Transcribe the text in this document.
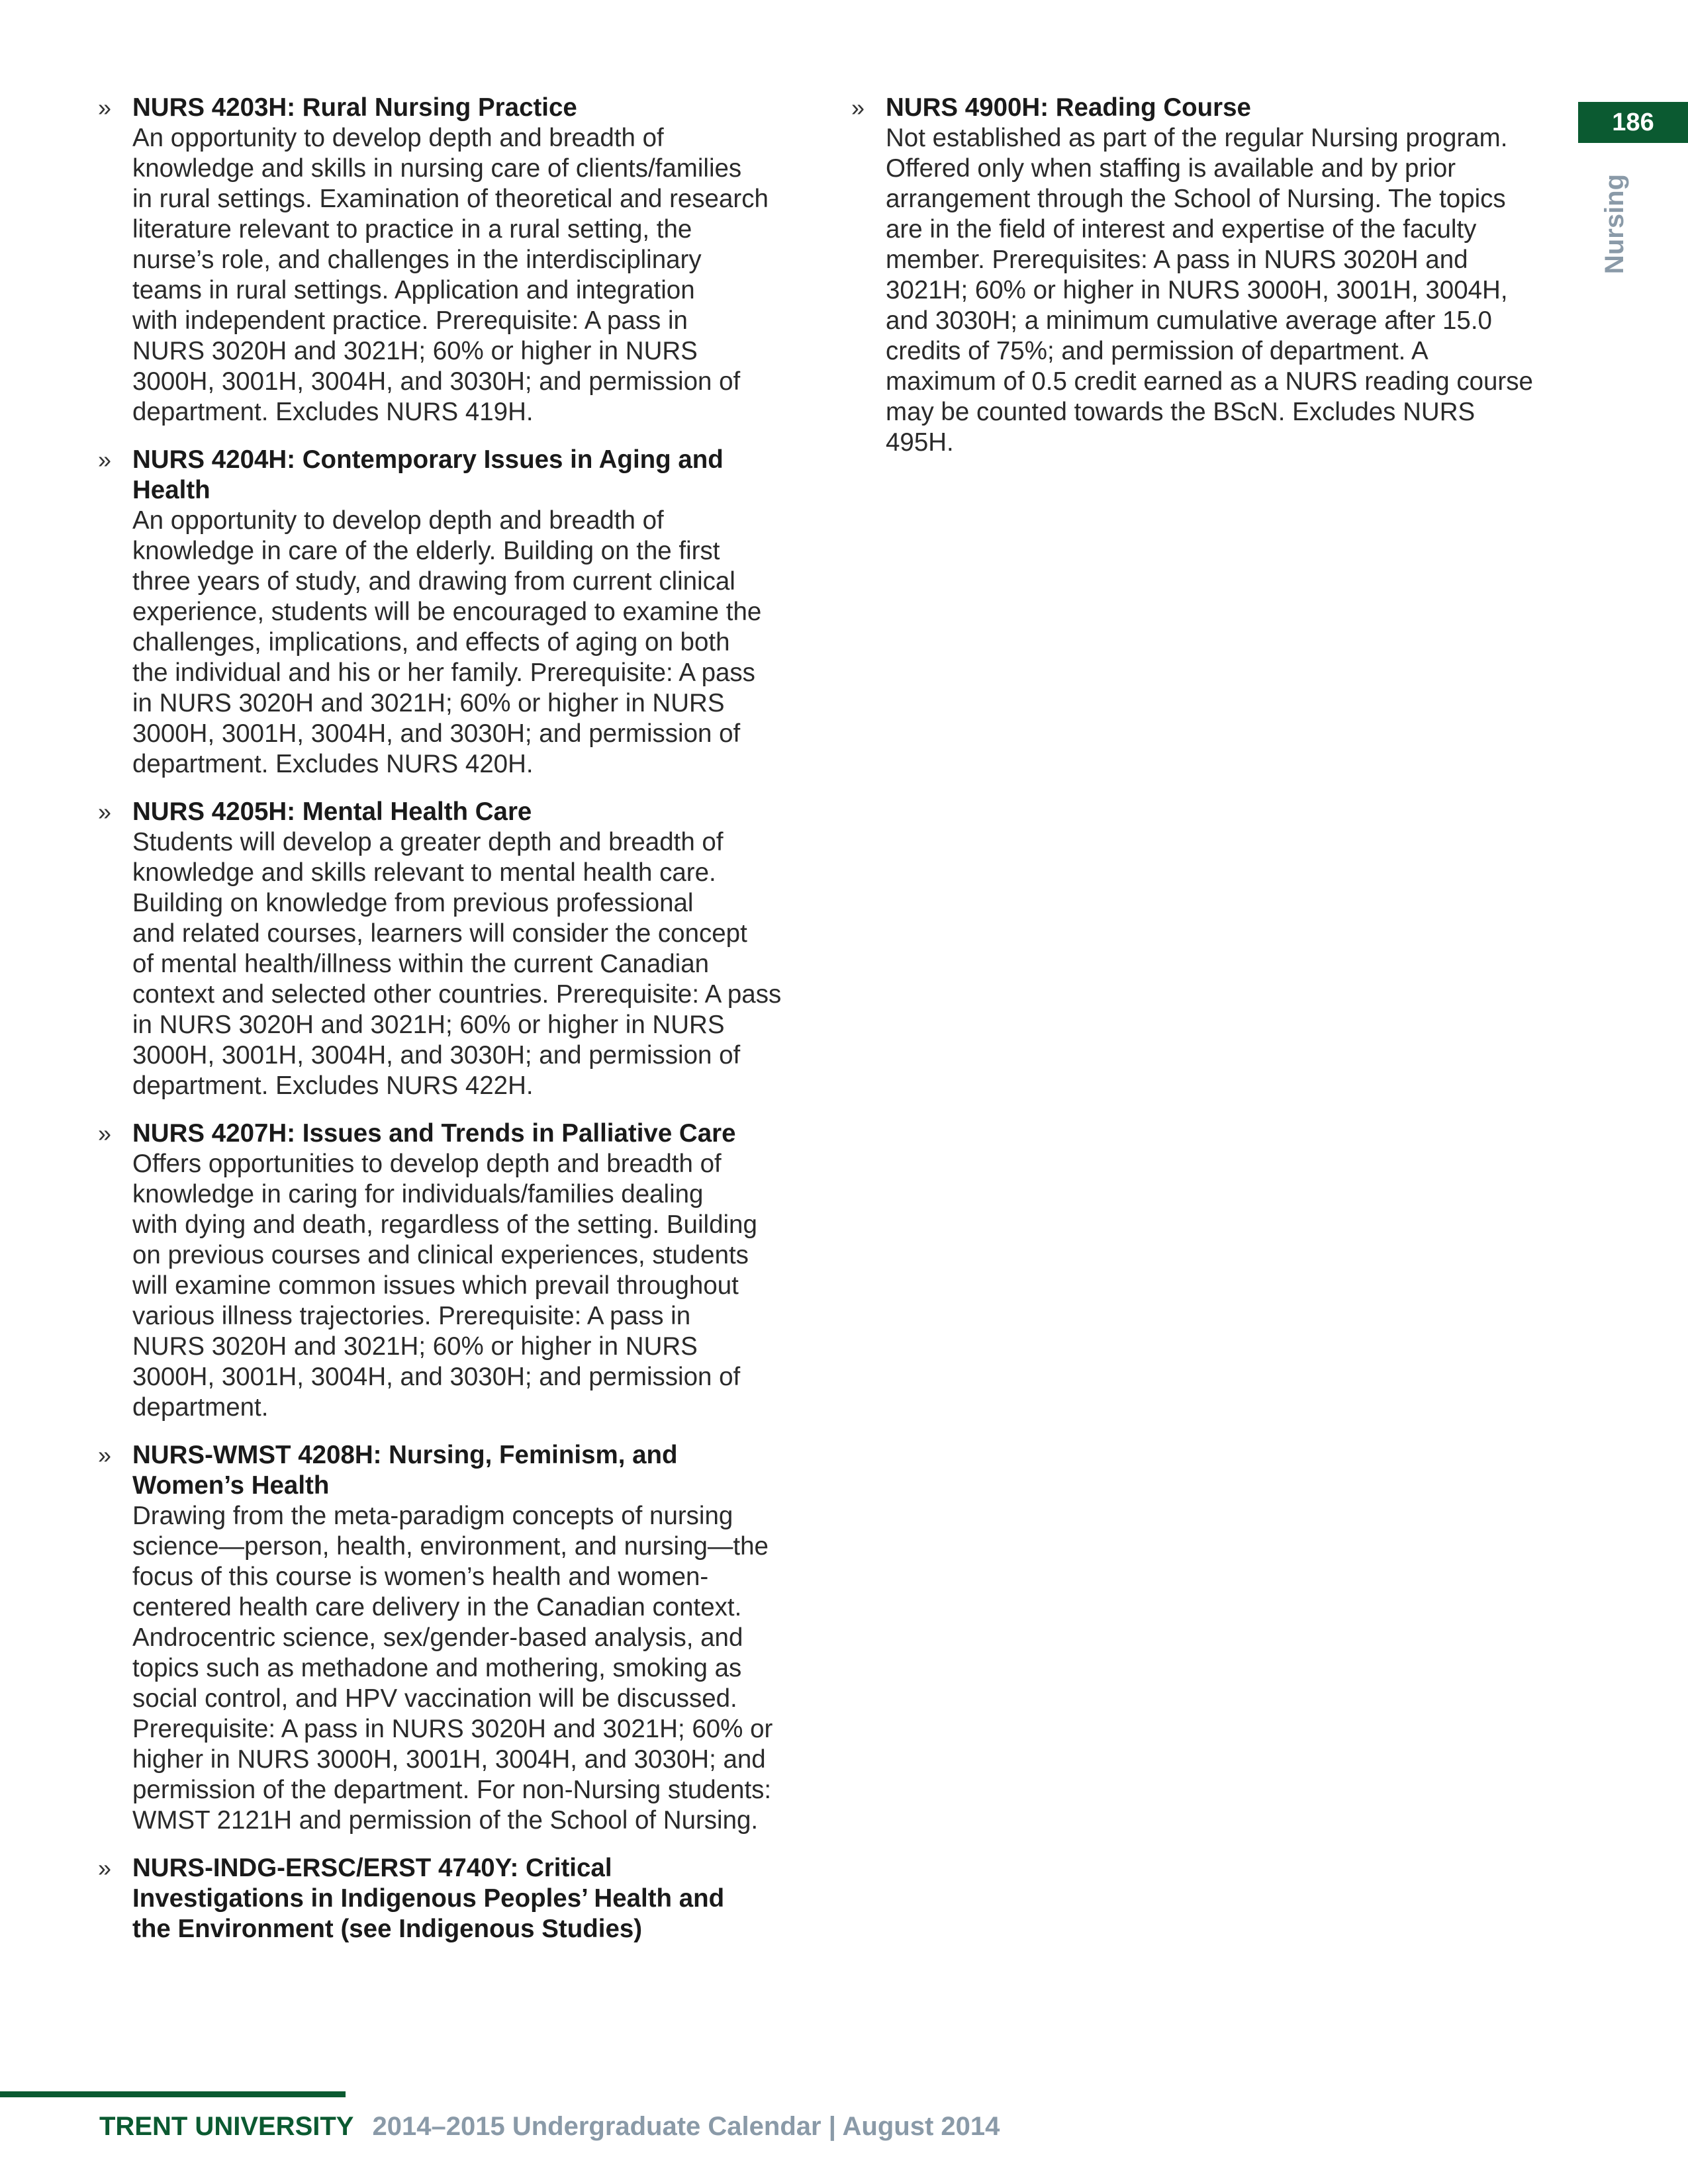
186
Nursing
» NURS 4203H: Rural Nursing Practice
An opportunity to develop depth and breadth of
knowledge and skills in nursing care of clients/families
in rural settings. Examination of theoretical and research
literature relevant to practice in a rural setting, the
nurse’s role, and challenges in the interdisciplinary
teams in rural settings. Application and integration
with independent practice. Prerequisite: A pass in
NURS 3020H and 3021H; 60% or higher in NURS
3000H, 3001H, 3004H, and 3030H; and permission of
department. Excludes NURS 419H.
» NURS 4204H: Contemporary Issues in Aging and
Health
An opportunity to develop depth and breadth of
knowledge in care of the elderly. Building on the first
three years of study, and drawing from current clinical
experience, students will be encouraged to examine the
challenges, implications, and effects of aging on both
the individual and his or her family. Prerequisite: A pass
in NURS 3020H and 3021H; 60% or higher in NURS
3000H, 3001H, 3004H, and 3030H; and permission of
department. Excludes NURS 420H.
» NURS 4205H: Mental Health Care
Students will develop a greater depth and breadth of
knowledge and skills relevant to mental health care.
Building on knowledge from previous professional
and related courses, learners will consider the concept
of mental health/illness within the current Canadian
context and selected other countries. Prerequisite: A pass
in NURS 3020H and 3021H; 60% or higher in NURS
3000H, 3001H, 3004H, and 3030H; and permission of
department. Excludes NURS 422H.
» NURS 4207H: Issues and Trends in Palliative Care
Offers opportunities to develop depth and breadth of
knowledge in caring for individuals/families dealing
with dying and death, regardless of the setting. Building
on previous courses and clinical experiences, students
will examine common issues which prevail throughout
various illness trajectories. Prerequisite: A pass in
NURS 3020H and 3021H; 60% or higher in NURS
3000H, 3001H, 3004H, and 3030H; and permission of
department.
» NURS-WMST 4208H: Nursing, Feminism, and
Women’s Health
Drawing from the meta-paradigm concepts of nursing
science—person, health, environment, and nursing—the
focus of this course is women’s health and women-
centered health care delivery in the Canadian context.
Androcentric science, sex/gender-based analysis, and
topics such as methadone and mothering, smoking as
social control, and HPV vaccination will be discussed.
Prerequisite: A pass in NURS 3020H and 3021H; 60% or
higher in NURS 3000H, 3001H, 3004H, and 3030H; and
permission of the department. For non-Nursing students:
WMST 2121H and permission of the School of Nursing.
» NURS-INDG-ERSC/ERST 4740Y: Critical
Investigations in Indigenous Peoples’ Health and
the Environment (see Indigenous Studies)
» NURS 4900H: Reading Course
Not established as part of the regular Nursing program.
Offered only when staffing is available and by prior
arrangement through the School of Nursing. The topics
are in the field of interest and expertise of the faculty
member. Prerequisites: A pass in NURS 3020H and
3021H; 60% or higher in NURS 3000H, 3001H, 3004H,
and 3030H; a minimum cumulative average after 15.0
credits of 75%; and permission of department. A
maximum of 0.5 credit earned as a NURS reading course
may be counted towards the BScN. Excludes NURS
495H.
TRENT UNIVERSITY 2014–2015 Undergraduate Calendar | August 2014
